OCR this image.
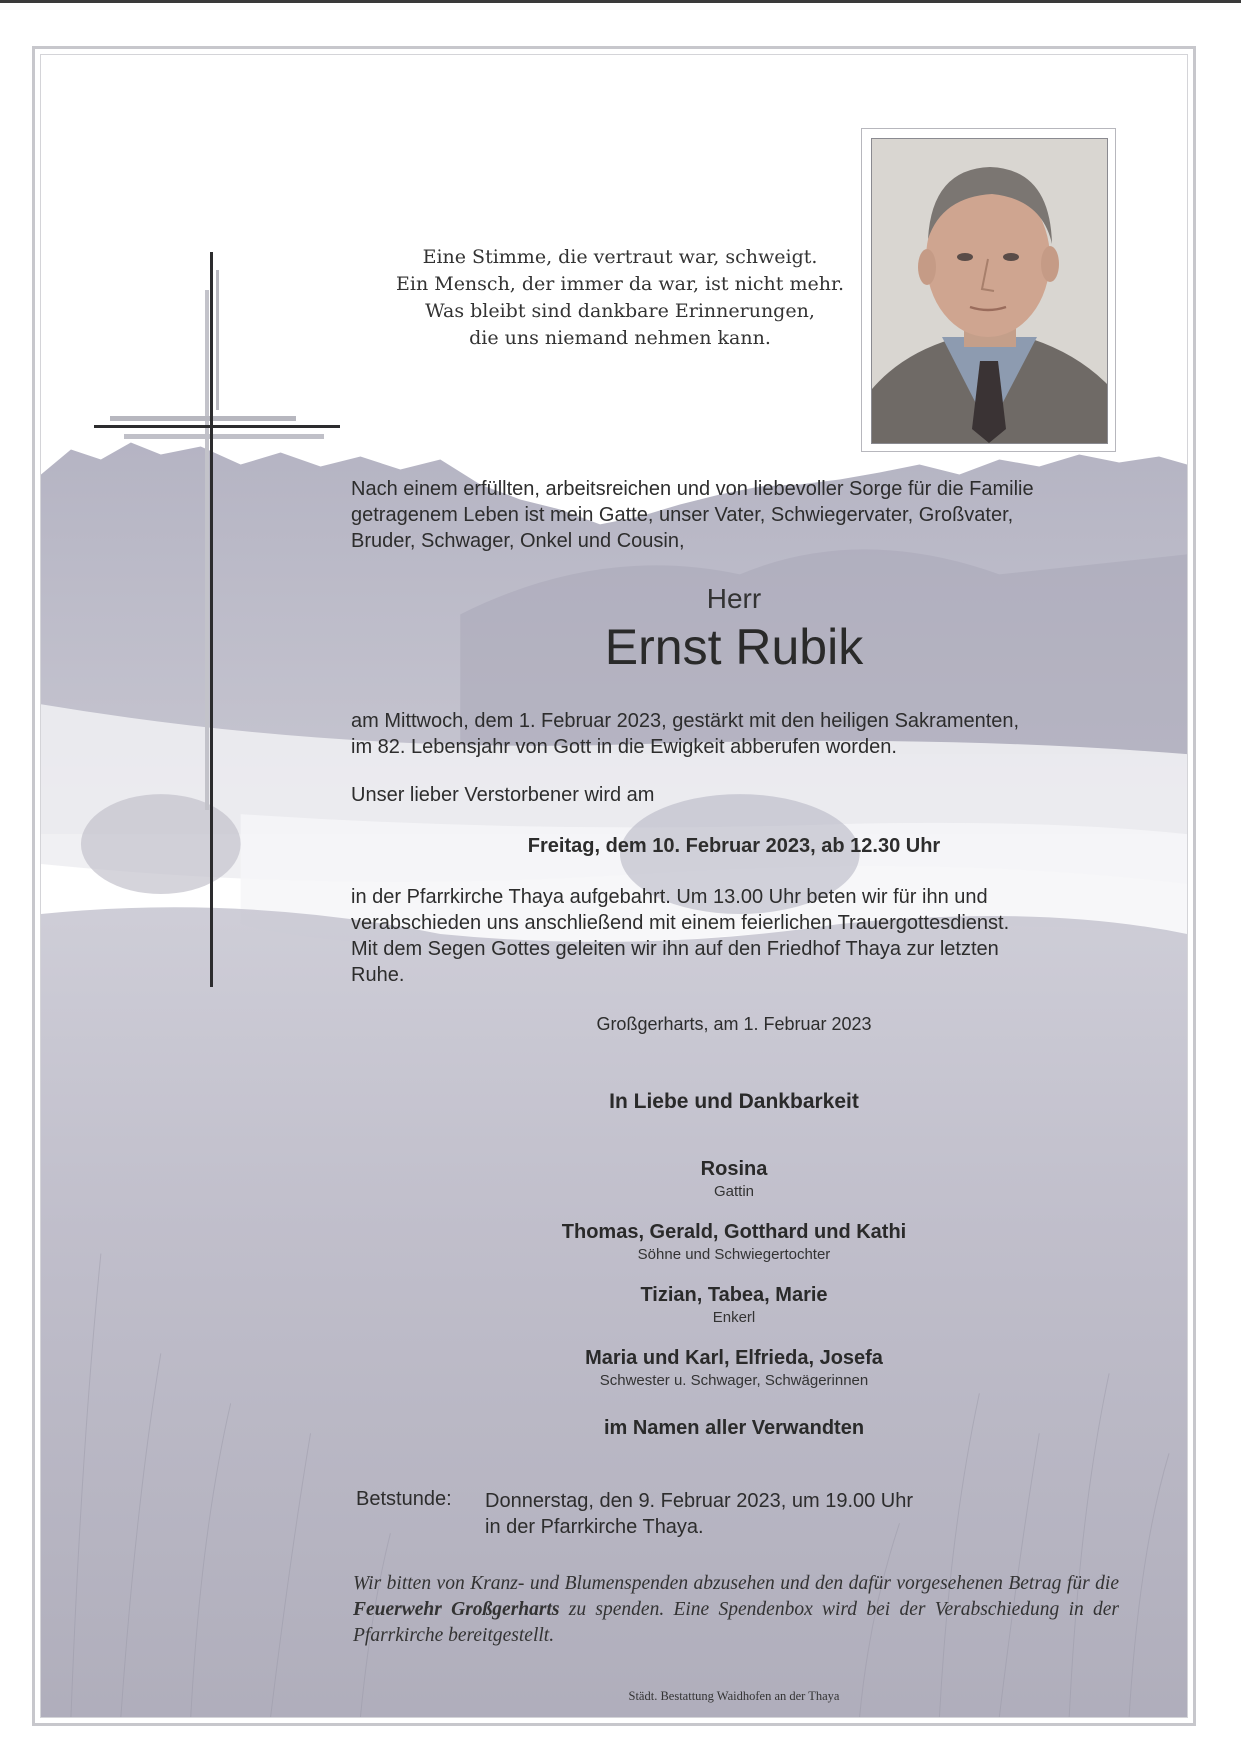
Eine Stimme, die vertraut war, schweigt.
Ein Mensch, der immer da war, ist nicht mehr.
Was bleibt sind dankbare Erinnerungen,
die uns niemand nehmen kann.
Nach einem erfüllten, arbeitsreichen und von liebevoller Sorge für die Familie
getragenem Leben ist mein Gatte, unser Vater, Schwiegervater, Großvater,
Bruder, Schwager, Onkel und Cousin,
Herr
Ernst Rubik
am Mittwoch, dem 1. Februar 2023, gestärkt mit den heiligen Sakramenten,
im 82. Lebensjahr von Gott in die Ewigkeit abberufen worden.
Unser lieber Verstorbener wird am
Freitag, dem 10. Februar 2023, ab 12.30 Uhr
in der Pfarrkirche Thaya aufgebahrt. Um 13.00 Uhr beten wir für ihn und
verabschieden uns anschließend mit einem feierlichen Trauergottesdienst.
Mit dem Segen Gottes geleiten wir ihn auf den Friedhof Thaya zur letzten
Ruhe.
Großgerharts, am 1. Februar 2023
In Liebe und Dankbarkeit
Rosina
Gattin
Thomas, Gerald, Gotthard und Kathi
Söhne und Schwiegertochter
Tizian, Tabea, Marie
Enkerl
Maria und Karl, Elfrieda, Josefa
Schwester u. Schwager, Schwägerinnen
im Namen aller Verwandten
Betstunde: Donnerstag, den 9. Februar 2023, um 19.00 Uhr
in der Pfarrkirche Thaya.
Wir bitten von Kranz- und Blumenspenden abzusehen und den dafür vorgesehenen Betrag für die Feuerwehr Großgerharts zu spenden. Eine Spendenbox wird bei der Verabschiedung in der Pfarrkirche bereitgestellt.
Städt. Bestattung Waidhofen an der Thaya
